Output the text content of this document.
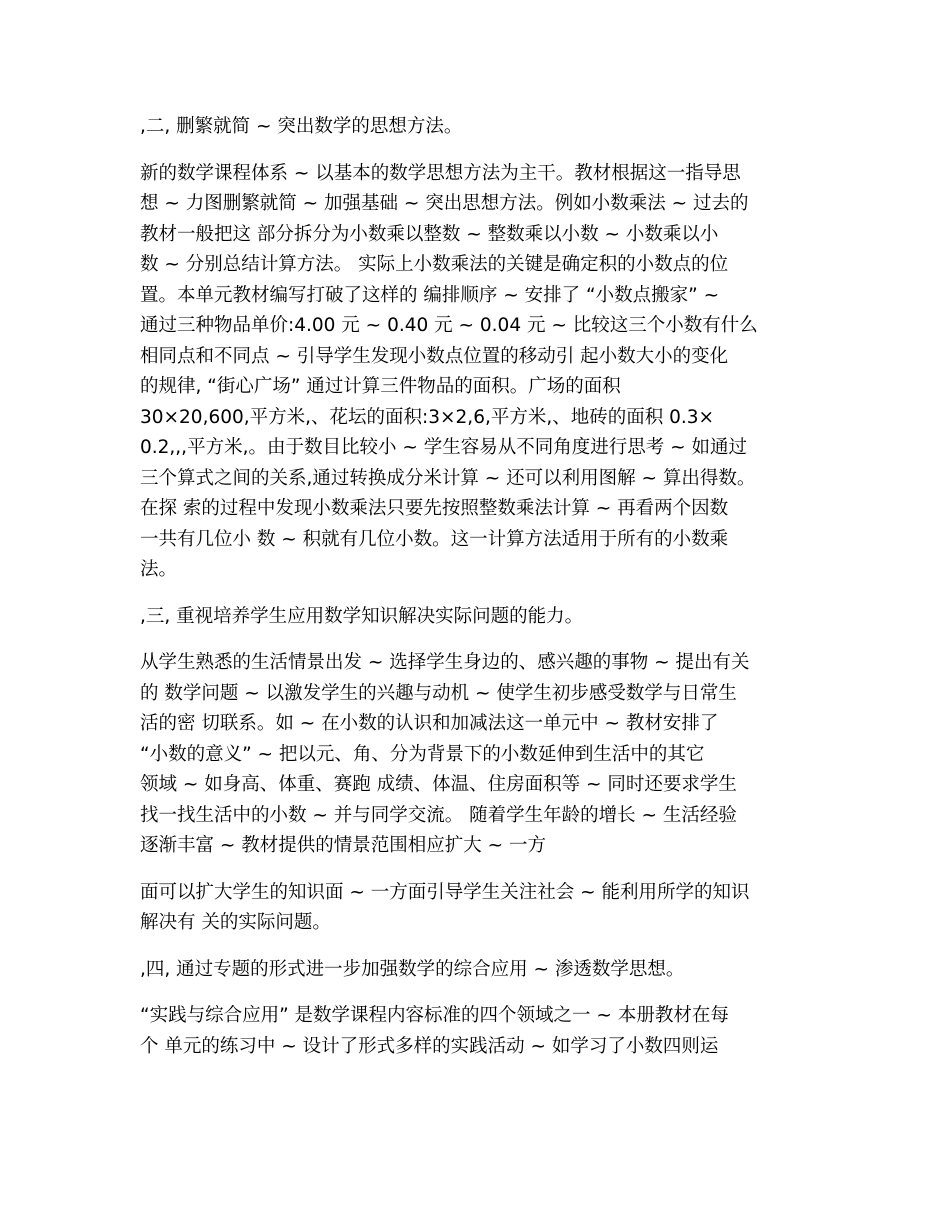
,二, 删繁就简 ~ 突出数学的思想方法。
新的数学课程体系 ~ 以基本的数学思想方法为主干。教材根据这一指导思
想 ~ 力图删繁就简 ~ 加强基础 ~ 突出思想方法。例如小数乘法 ~ 过去的
教材一般把这 部分拆分为小数乘以整数 ~ 整数乘以小数 ~ 小数乘以小
数 ~ 分别总结计算方法。 实际上小数乘法的关键是确定积的小数点的位
置。本单元教材编写打破了这样的 编排顺序 ~ 安排了 “小数点搬家” ~
通过三种物品单价:4.00 元 ~ 0.40 元 ~ 0.04 元 ~ 比较这三个小数有什么
相同点和不同点 ~ 引导学生发现小数点位置的移动引 起小数大小的变化
的规律, “街心广场” 通过计算三件物品的面积。广场的面积
30×20,600,平方米,、花坛的面积:3×2,6,平方米,、地砖的面积 0.3×
0.2,,,平方米,。由于数目比较小 ~ 学生容易从不同角度进行思考 ~ 如通过
三个算式之间的关系,通过转换成分米计算 ~ 还可以利用图解 ~ 算出得数。
在探 索的过程中发现小数乘法只要先按照整数乘法计算 ~ 再看两个因数
一共有几位小 数 ~ 积就有几位小数。这一计算方法适用于所有的小数乘
法。
,三, 重视培养学生应用数学知识解决实际问题的能力。
从学生熟悉的生活情景出发 ~ 选择学生身边的、感兴趣的事物 ~ 提出有关
的 数学问题 ~ 以激发学生的兴趣与动机 ~ 使学生初步感受数学与日常生
活的密 切联系。如 ~ 在小数的认识和加减法这一单元中 ~ 教材安排了
“小数的意义” ~ 把以元、角、分为背景下的小数延伸到生活中的其它
领域 ~ 如身高、体重、赛跑 成绩、体温、住房面积等 ~ 同时还要求学生
找一找生活中的小数 ~ 并与同学交流。 随着学生年龄的增长 ~ 生活经验
逐渐丰富 ~ 教材提供的情景范围相应扩大 ~ 一方
面可以扩大学生的知识面 ~ 一方面引导学生关注社会 ~ 能利用所学的知识
解决有 关的实际问题。
,四, 通过专题的形式进一步加强数学的综合应用 ~ 渗透数学思想。
“实践与综合应用” 是数学课程内容标准的四个领域之一 ~ 本册教材在每
个 单元的练习中 ~ 设计了形式多样的实践活动 ~ 如学习了小数四则运
